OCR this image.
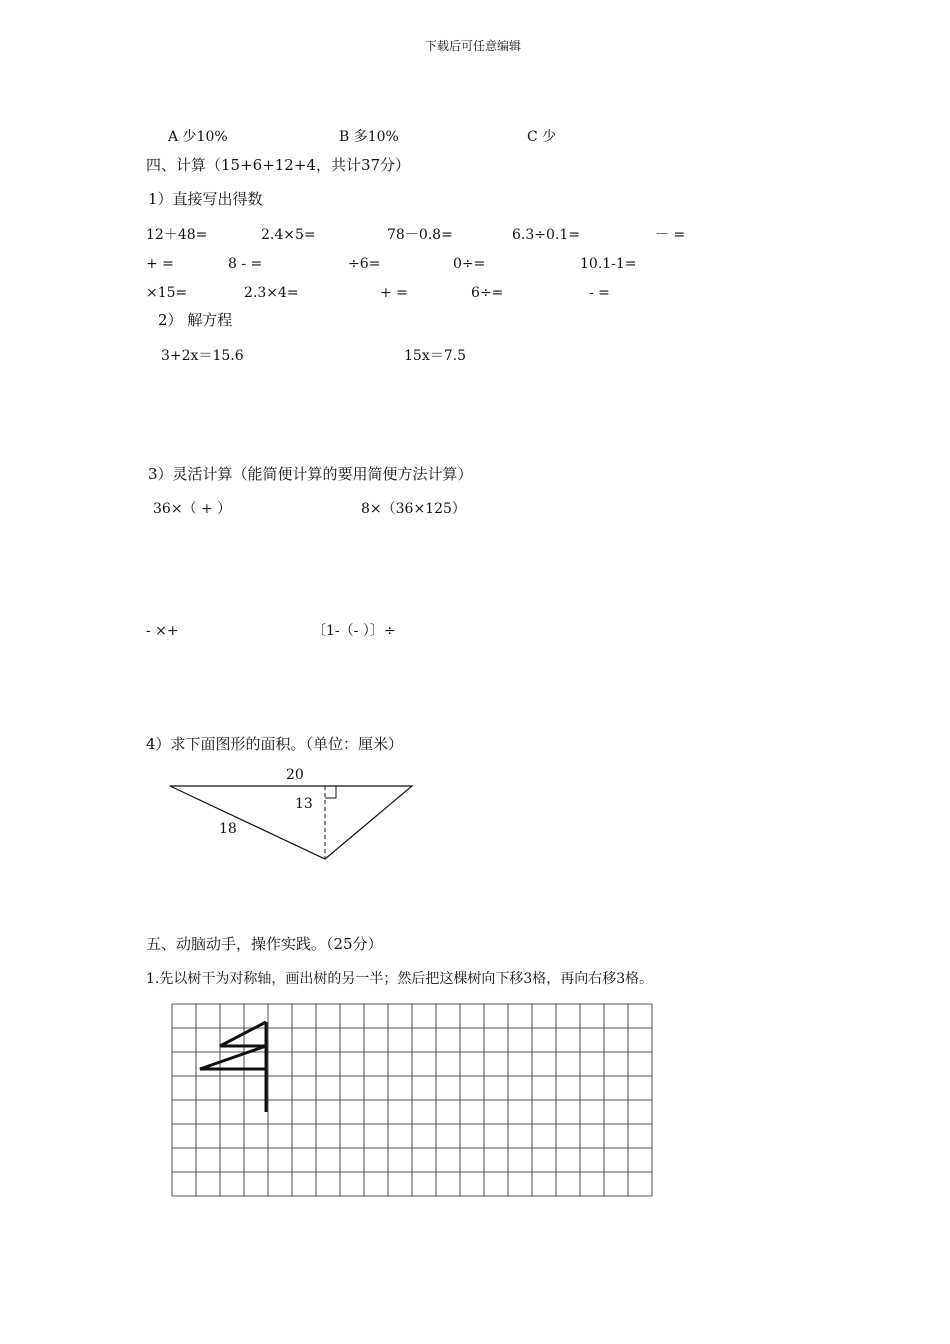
下载后可任意编辑
A 少10%	B 多10%	C 少
四、计算（15+6+12+4，共计37分）
1）直接写出得数
12＋48=	2.4×5=	78－0.8=	6.3÷0.1=	－ =
+ =	8 - =	÷6=	0÷=	10.1-1=
×15=	2.3×4=	+ =	6÷=	- =
2） 解方程
3+2x＝15.6	15x＝7.5
3）灵活计算（能简便计算的要用简便方法计算）
36×（ + ）	8×（36×125）
- ×+	〔1-（- ）〕÷
4）求下面图形的面积。（单位：厘米）
20
13
18
五、动脑动手，操作实践。（25分）
1.先以树干为对称轴，画出树的另一半；然后把这棵树向下移3格，再向右移3格。
